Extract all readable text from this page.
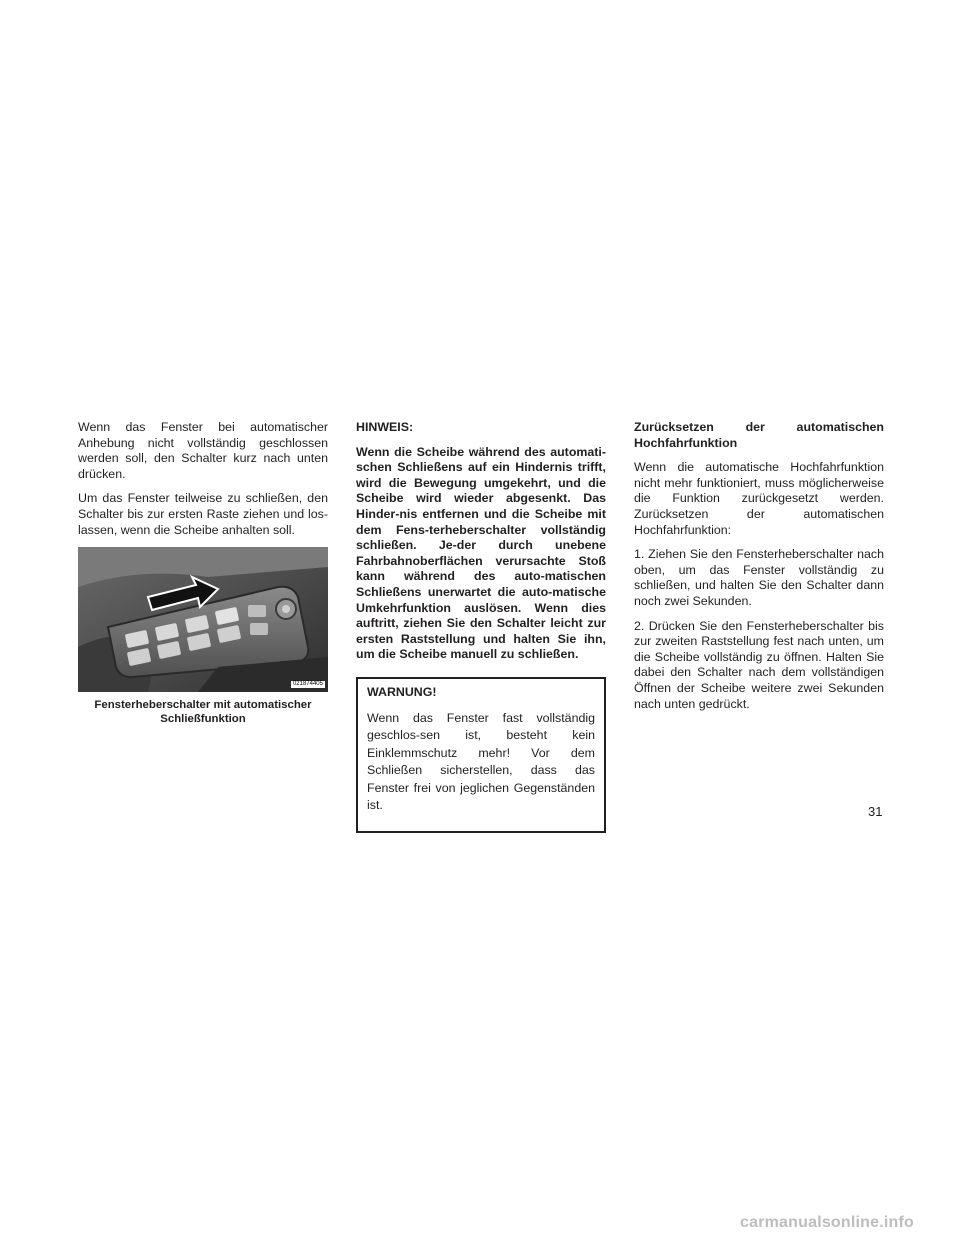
Wenn das Fenster bei automatischer Anhebung nicht vollständig geschlossen werden soll, den Schalter kurz nach unten drücken.

Um das Fenster teilweise zu schließen, den Schalter bis zur ersten Raste ziehen und los-lassen, wenn die Scheibe anhalten soll.

021874405
Fensterheberschalter mit automatischer
Schließfunktion

HINWEIS:

Wenn die Scheibe während des automati-schen Schließens auf ein Hindernis trifft, wird die Bewegung umgekehrt, und die Scheibe wird wieder abgesenkt. Das Hinder-nis entfernen und die Scheibe mit dem Fens-terheberschalter vollständig schließen. Je-der durch unebene Fahrbahnoberflächen verursachte Stoß kann während des auto-matischen Schließens unerwartet die auto-matische Umkehrfunktion auslösen. Wenn dies auftritt, ziehen Sie den Schalter leicht zur ersten Raststellung und halten Sie ihn, um die Scheibe manuell zu schließen.

WARNUNG!

Wenn das Fenster fast vollständig geschlos-sen ist, besteht kein Einklemmschutz mehr! Vor dem Schließen sicherstellen, dass das Fenster frei von jeglichen Gegenständen ist.

Zurücksetzen der automatischen Hochfahrfunktion

Wenn die automatische Hochfahrfunktion nicht mehr funktioniert, muss möglicherweise die Funktion zurückgesetzt werden. Zurücksetzen der automatischen Hochfahrfunktion:

1. Ziehen Sie den Fensterheberschalter nach oben, um das Fenster vollständig zu schließen, und halten Sie den Schalter dann noch zwei Sekunden.

2. Drücken Sie den Fensterheberschalter bis zur zweiten Raststellung fest nach unten, um die Scheibe vollständig zu öffnen. Halten Sie dabei den Schalter nach dem vollständigen Öffnen der Scheibe weitere zwei Sekunden nach unten gedrückt.

31
carmanualsonline.info
